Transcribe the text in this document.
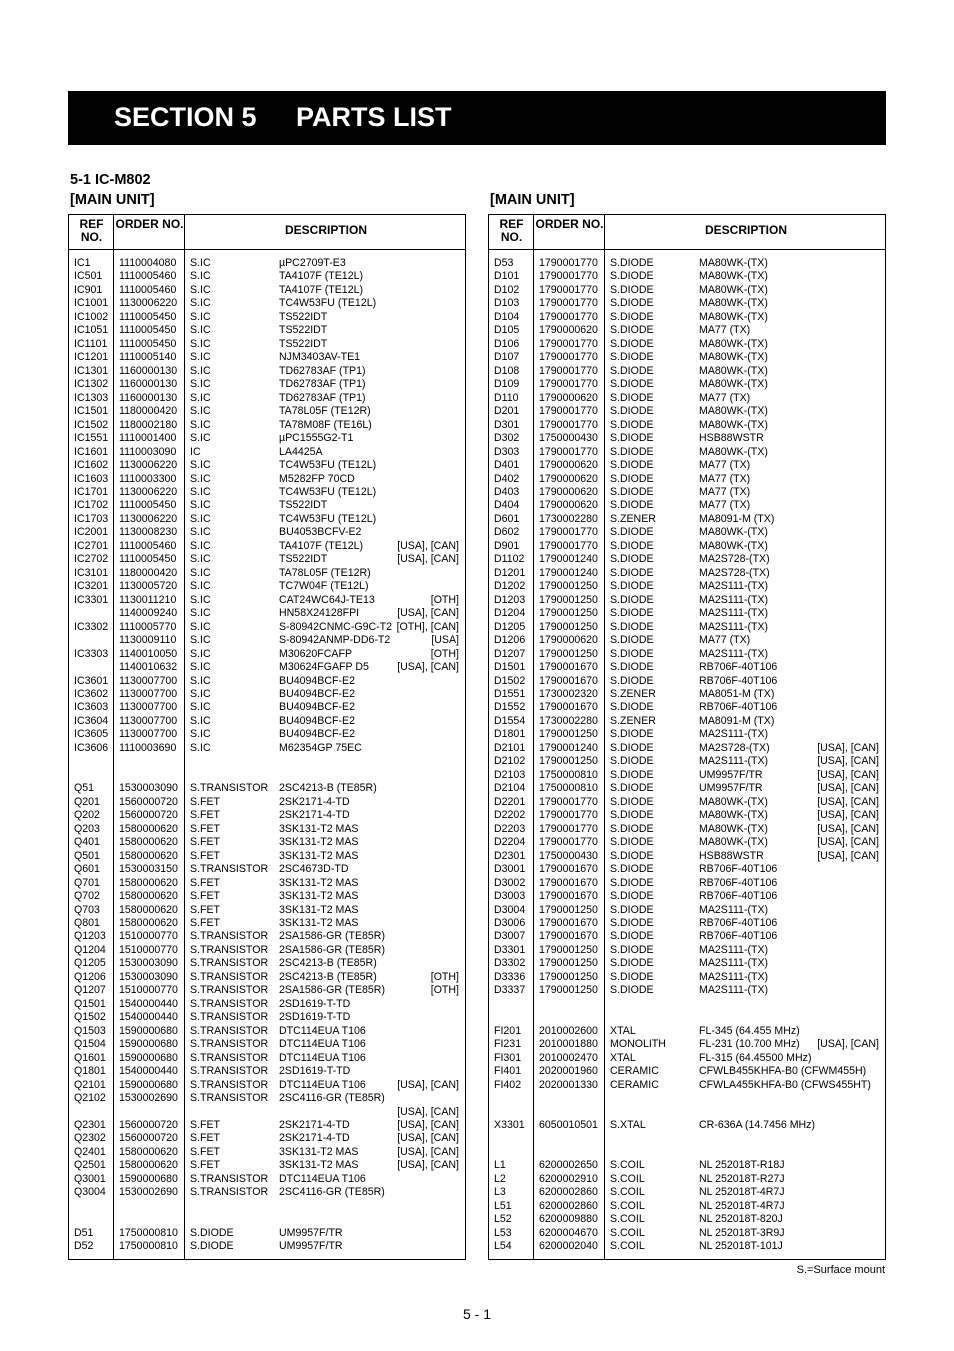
SECTION 5 PARTS LIST
5-1 IC-M802
[MAIN UNIT]	[MAIN UNIT]
REF NO.
ORDER NO.	DESCRIPTION
IC1	1110004080 S.IC	µPC2709T-E3
IC501 1110005460 S.IC	TA4107F (TE12L)
IC901 1110005460 S.IC	TA4107F (TE12L)
IC1001 1130006220 S.IC	TC4W53FU (TE12L)
IC1002 1110005450 S.IC	TS522IDT
IC1051 1110005450 S.IC	TS522IDT
IC1101 1110005450 S.IC	TS522IDT
IC1201 1110005140 S.IC	NJM3403AV-TE1
IC1301 1160000130 S.IC	TD62783AF (TP1)
IC1302 1160000130 S.IC	TD62783AF (TP1)
IC1303 1160000130 S.IC	TD62783AF (TP1)
IC1501 1180000420 S.IC	TA78L05F (TE12R)
IC1502 1180002180 S.IC	TA78M08F (TE16L)
IC1551 1110001400 S.IC	µPC1555G2-T1
IC1601 1110003090 IC	LA4425A
IC1602 1130006220 S.IC	TC4W53FU (TE12L)
IC1603 1110003300 S.IC	M5282FP 70CD
IC1701 1130006220 S.IC	TC4W53FU (TE12L)
IC1702 1110005450 S.IC	TS522IDT
IC1703 1130006220 S.IC	TC4W53FU (TE12L)
IC2001 1130008230 S.IC	BU4053BCFV-E2
IC2701 1110005460 S.IC	TA4107F (TE12L)	[USA], [CAN]
IC2702 1110005450 S.IC	TS522IDT	[USA], [CAN]
IC3101 1180000420 S.IC	TA78L05F (TE12R)
IC3201 1130005720 S.IC	TC7W04F (TE12L)
IC3301 1130011210 S.IC	CAT24WC64J-TE13	[OTH]
1140009240 S.IC	HN58X24128FPI	[USA], [CAN]
IC3302 1110005770 S.IC	S-80942CNMC-G9C-T2 [OTH], [CAN]
1130009110 S.IC	S-80942ANMP-DD6-T2	[USA]
IC3303 1140010050 S.IC	M30620FCAFP	[OTH]
1140010632 S.IC	M30624FGAFP D5	[USA], [CAN]
IC3601 1130007700 S.IC	BU4094BCF-E2
IC3602 1130007700 S.IC	BU4094BCF-E2
IC3603 1130007700 S.IC	BU4094BCF-E2
IC3604 1130007700 S.IC	BU4094BCF-E2
IC3605 1130007700 S.IC	BU4094BCF-E2
IC3606 1110003690 S.IC	M62354GP 75EC
Q51 1530003090 S.TRANSISTOR 2SC4213-B (TE85R)
Q201 1560000720 S.FET	2SK2171-4-TD
Q202 1560000720 S.FET	2SK2171-4-TD
Q203 1580000620 S.FET	3SK131-T2 MAS
Q401 1580000620 S.FET	3SK131-T2 MAS
Q501 1580000620 S.FET	3SK131-T2 MAS
Q601 1530003150 S.TRANSISTOR 2SC4673D-TD
Q701 1580000620 S.FET	3SK131-T2 MAS
Q702 1580000620 S.FET	3SK131-T2 MAS
Q703 1580000620 S.FET	3SK131-T2 MAS
Q801 1580000620 S.FET	3SK131-T2 MAS
Q1203 1510000770 S.TRANSISTOR 2SA1586-GR (TE85R)
Q1204 1510000770 S.TRANSISTOR 2SA1586-GR (TE85R)
Q1205 1530003090 S.TRANSISTOR 2SC4213-B (TE85R)
Q1206 1530003090 S.TRANSISTOR 2SC4213-B (TE85R)	[OTH]
Q1207 1510000770 S.TRANSISTOR 2SA1586-GR (TE85R)	[OTH]
Q1501 1540000440 S.TRANSISTOR 2SD1619-T-TD
Q1502 1540000440 S.TRANSISTOR 2SD1619-T-TD
Q1503 1590000680 S.TRANSISTOR DTC114EUA T106
Q1504 1590000680 S.TRANSISTOR DTC114EUA T106
Q1601 1590000680 S.TRANSISTOR DTC114EUA T106
Q1801 1540000440 S.TRANSISTOR 2SD1619-T-TD
Q2101 1590000680 S.TRANSISTOR DTC114EUA T106	[USA], [CAN]
Q2102 1530002690 S.TRANSISTOR 2SC4116-GR (TE85R)
[USA], [CAN]
Q2301 1560000720 S.FET	2SK2171-4-TD	[USA], [CAN]
Q2302 1560000720 S.FET	2SK2171-4-TD	[USA], [CAN]
Q2401 1580000620 S.FET	3SK131-T2 MAS	[USA], [CAN]
Q2501 1580000620 S.FET	3SK131-T2 MAS	[USA], [CAN]
Q3001 1590000680 S.TRANSISTOR DTC114EUA T106
Q3004 1530002690 S.TRANSISTOR 2SC4116-GR (TE85R)
D51 1750000810 S.DIODE	UM9957F/TR
D52 1750000810 S.DIODE	UM9957F/TR
REF NO.
ORDER NO.	DESCRIPTION
D53 1790001770 S.DIODE	MA80WK-(TX)
D101 1790001770 S.DIODE	MA80WK-(TX)
D102 1790001770 S.DIODE	MA80WK-(TX)
D103 1790001770 S.DIODE	MA80WK-(TX)
D104 1790001770 S.DIODE	MA80WK-(TX)
D105 1790000620 S.DIODE	MA77 (TX)
D106 1790001770 S.DIODE	MA80WK-(TX)
D107 1790001770 S.DIODE	MA80WK-(TX)
D108 1790001770 S.DIODE	MA80WK-(TX)
D109 1790001770 S.DIODE	MA80WK-(TX)
D110 1790000620 S.DIODE	MA77 (TX)
D201 1790001770 S.DIODE	MA80WK-(TX)
D301 1790001770 S.DIODE	MA80WK-(TX)
D302 1750000430 S.DIODE	HSB88WSTR
D303 1790001770 S.DIODE	MA80WK-(TX)
D401 1790000620 S.DIODE	MA77 (TX)
D402 1790000620 S.DIODE	MA77 (TX)
D403 1790000620 S.DIODE	MA77 (TX)
D404 1790000620 S.DIODE	MA77 (TX)
D601 1730002280 S.ZENER	MA8091-M (TX)
D602 1790001770 S.DIODE	MA80WK-(TX)
D901 1790001770 S.DIODE	MA80WK-(TX)
D1102 1790001240 S.DIODE	MA2S728-(TX)
D1201 1790001240 S.DIODE	MA2S728-(TX)
D1202 1790001250 S.DIODE	MA2S111-(TX)
D1203 1790001250 S.DIODE	MA2S111-(TX)
D1204 1790001250 S.DIODE	MA2S111-(TX)
D1205 1790001250 S.DIODE	MA2S111-(TX)
D1206 1790000620 S.DIODE	MA77 (TX)
D1207 1790001250 S.DIODE	MA2S111-(TX)
D1501 1790001670 S.DIODE	RB706F-40T106
D1502 1790001670 S.DIODE	RB706F-40T106
D1551 1730002320 S.ZENER	MA8051-M (TX)
D1552 1790001670 S.DIODE	RB706F-40T106
D1554 1730002280 S.ZENER	MA8091-M (TX)
D1801 1790001250 S.DIODE	MA2S111-(TX)
D2101 1790001240 S.DIODE	MA2S728-(TX)	[USA], [CAN]
D2102 1790001250 S.DIODE	MA2S111-(TX)	[USA], [CAN]
D2103 1750000810 S.DIODE	UM9957F/TR	[USA], [CAN]
D2104 1750000810 S.DIODE	UM9957F/TR	[USA], [CAN]
D2201 1790001770 S.DIODE	MA80WK-(TX)	[USA], [CAN]
D2202 1790001770 S.DIODE	MA80WK-(TX)	[USA], [CAN]
D2203 1790001770 S.DIODE	MA80WK-(TX)	[USA], [CAN]
D2204 1790001770 S.DIODE	MA80WK-(TX)	[USA], [CAN]
D2301 1750000430 S.DIODE	HSB88WSTR	[USA], [CAN]
D3001 1790001670 S.DIODE	RB706F-40T106
D3002 1790001670 S.DIODE	RB706F-40T106
D3003 1790001670 S.DIODE	RB706F-40T106
D3004 1790001250 S.DIODE	MA2S111-(TX)
D3006 1790001670 S.DIODE	RB706F-40T106
D3007 1790001670 S.DIODE	RB706F-40T106
D3301 1790001250 S.DIODE	MA2S111-(TX)
D3302 1790001250 S.DIODE	MA2S111-(TX)
D3336 1790001250 S.DIODE	MA2S111-(TX)
D3337 1790001250 S.DIODE	MA2S111-(TX)
FI201 2010002600 XTAL	FL-345 (64.455 MHz)
FI231 2010001880 MONOLITH	FL-231 (10.700 MHz) [USA], [CAN]
FI301 2010002470 XTAL	FL-315 (64.45500 MHz)
FI401 2020001960 CERAMIC	CFWLB455KHFA-B0 (CFWM455H)
FI402 2020001330 CERAMIC	CFWLA455KHFA-B0 (CFWS455HT)
X3301 6050010501 S.XTAL	CR-636A (14.7456 MHz)
L1	6200002650 S.COIL	NL 252018T-R18J
L2	6200002910 S.COIL	NL 252018T-R27J
L3	6200002860 S.COIL	NL 252018T-4R7J
L51	6200002860 S.COIL	NL 252018T-4R7J
L52	6200009880 S.COIL	NL 252018T-820J
L53	6200004670 S.COIL	NL 252018T-3R9J
L54	6200002040 S.COIL	NL 252018T-101J
S.=Surface mount
5 - 1
